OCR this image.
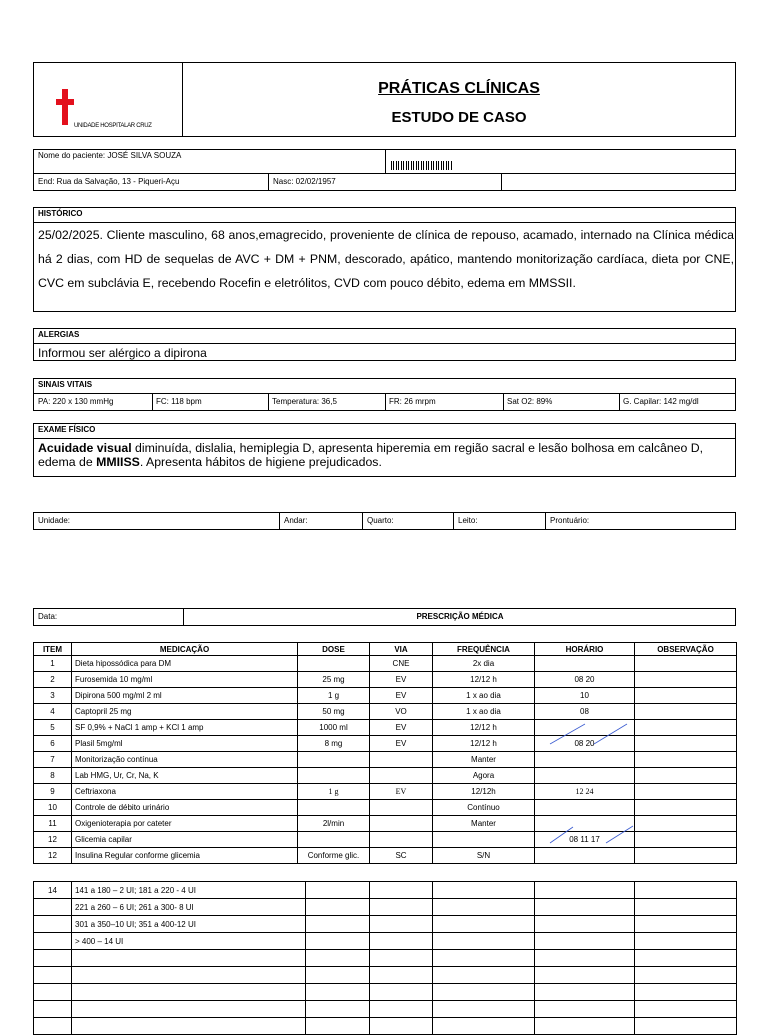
UNIDADE HOSPITALAR CRUZ
PRÁTICAS CLÍNICAS
ESTUDO DE CASO
Nome do paciente: JOSÉ SILVA SOUZA
End: Rua da Salvação, 13 - Piqueri-Açu	Nasc: 02/02/1957
HISTÓRICO
25/02/2025. Cliente masculino, 68 anos,emagrecido, proveniente de clínica de repouso, acamado, internado na Clínica médica há 2 dias, com HD de sequelas de AVC + DM + PNM, descorado, apático, mantendo monitorização cardíaca, dieta por CNE, CVC em subclávia E, recebendo Rocefin e eletrólitos, CVD com pouco débito, edema em MMSSII.
ALERGIAS
Informou ser alérgico a dipirona
SINAIS VITAIS
PA: 220 x 130 mmHg	FC: 118 bpm	Temperatura: 36,5	FR: 26 mrpm	Sat O2: 89%	G. Capilar: 142 mg/dl
EXAME FÍSICO
Acuidade visual diminuída, dislalia, hemiplegia D, apresenta hiperemia em região sacral e lesão bolhosa em calcâneo D, edema de MMIISS. Apresenta hábitos de higiene prejudicados.
Unidade:	Andar:	Quarto:	Leito:	Prontuário:
Data:	PRESCRIÇÃO MÉDICA
ITEM	MEDICAÇÃO	DOSE	VIA	FREQUÊNCIA	HORÁRIO	OBSERVAÇÃO
1	Dieta hipossódica para DM		CNE	2x dia		
2	Furosemida 10 mg/ml	25 mg	EV	12/12 h	08 20	
3	Dipirona 500 mg/ml 2 ml	1 g	EV	1 x ao dia	10	
4	Captopril 25 mg	50 mg	VO	1 x ao dia	08	
5	SF 0,9% + NaCl 1 amp + KCl 1 amp	1000 ml	EV	12/12 h		
6	Plasil 5mg/ml	8 mg	EV	12/12 h	08 20	
7	Monitorização contínua			Manter		
8	Lab HMG, Ur, Cr, Na, K			Agora		
9	Ceftriaxona	1 g	EV	12/12h	12 24	
10	Controle de débito urinário			Contínuo		
11	Oxigenioterapia por cateter	2l/min		Manter		
12	Glicemia capilar				08 11 17	
12	Insulina Regular conforme glicemia	Conforme glic.	SC	S/N		
14	141 a 180 – 2 UI; 181 a 220 - 4 UI					
	221 a 260 – 6 UI; 261 a 300- 8 UI					
	301 a 350–10 UI; 351 a 400-12 UI					
	> 400 – 14 UI					
